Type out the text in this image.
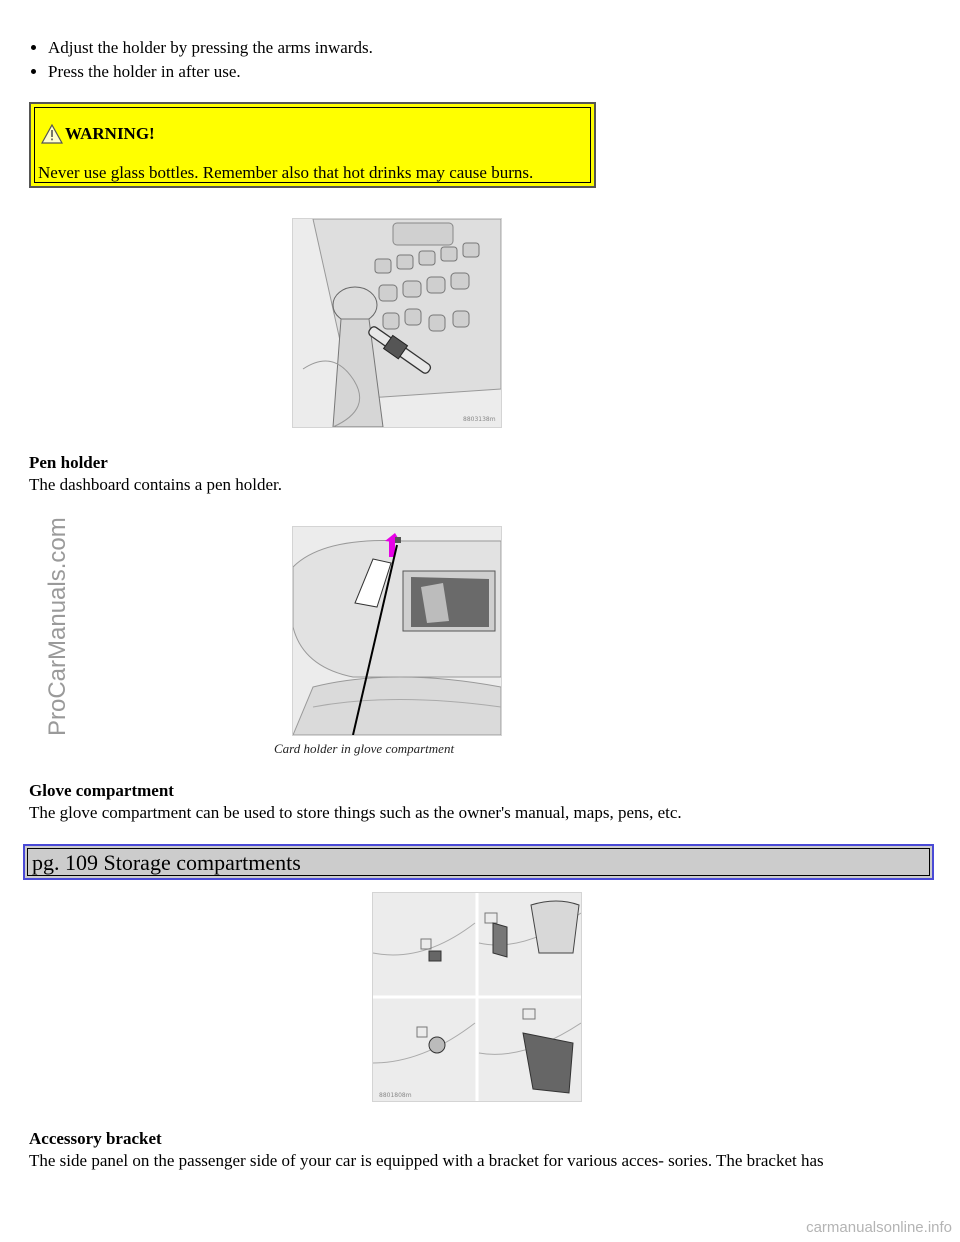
• Adjust the holder by pressing the arms inwards.
• Press the holder in after use.
WARNING!
Never use glass bottles. Remember also that hot drinks may cause burns.
8803138m
Pen holder
The dashboard contains a pen holder.
Card holder in glove compartment
Glove compartment
The glove compartment can be used to store things such as the owner's manual, maps, pens, etc.
pg. 109 Storage compartments
8801808m
Accessory bracket
The side panel on the passenger side of your car is equipped with a bracket for various acces- sories. The bracket has
ProCarManuals.com
carmanualsonline.info
